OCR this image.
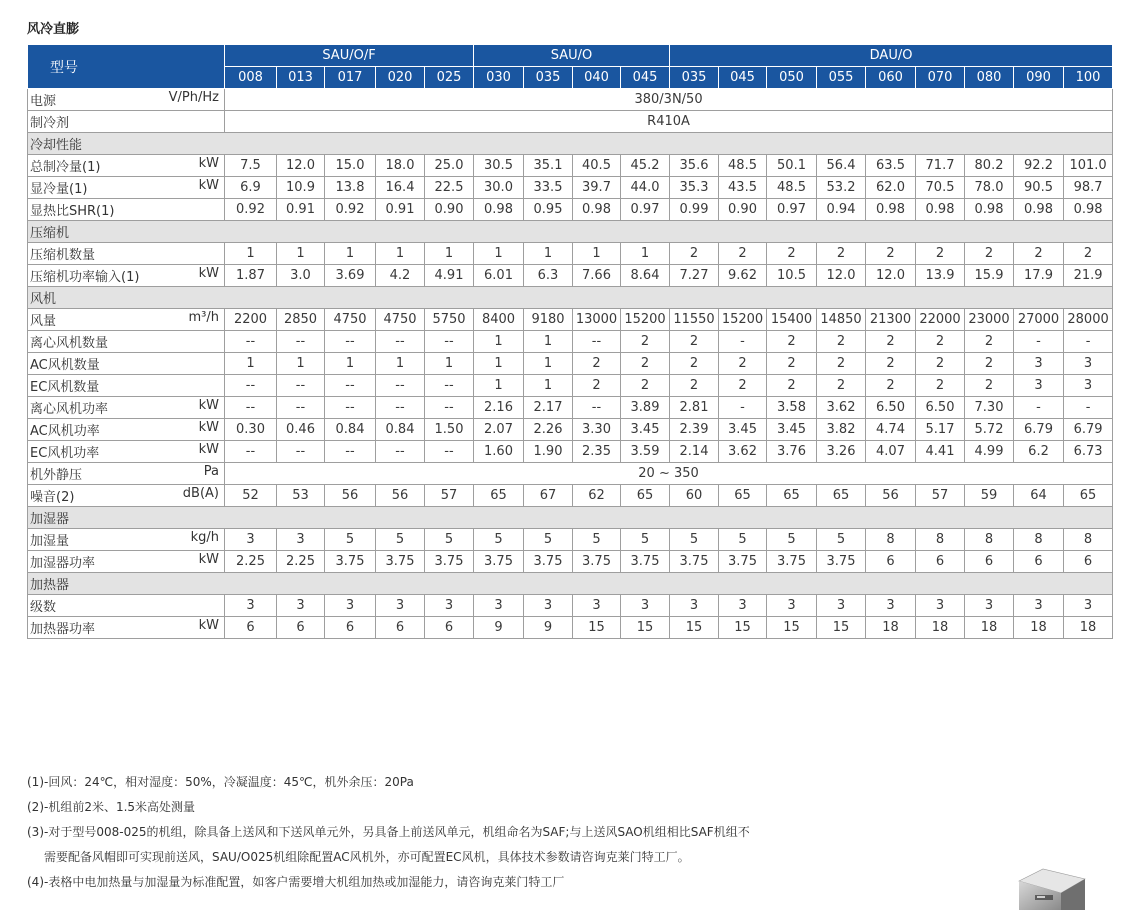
风冷直膨
型号	SAU/O/F					SAU/O				DAU/O								
	008	013	017	020	025	030	035	040	045	035	045	050	055	060	070	080	090	100
电源 V/Ph/Hz	380/3N/50																	
制冷剂	R410A																	
冷却性能																		
总制冷量(1) kW	7.5	12.0	15.0	18.0	25.0	30.5	35.1	40.5	45.2	35.6	48.5	50.1	56.4	63.5	71.7	80.2	92.2	101.0
显冷量(1) kW	6.9	10.9	13.8	16.4	22.5	30.0	33.5	39.7	44.0	35.3	43.5	48.5	53.2	62.0	70.5	78.0	90.5	98.7
显热比SHR(1)	0.92	0.91	0.92	0.91	0.90	0.98	0.95	0.98	0.97	0.99	0.90	0.97	0.94	0.98	0.98	0.98	0.98	0.98
压缩机																		
压缩机数量	1	1	1	1	1	1	1	1	1	2	2	2	2	2	2	2	2	2
压缩机功率输入(1) kW	1.87	3.0	3.69	4.2	4.91	6.01	6.3	7.66	8.64	7.27	9.62	10.5	12.0	12.0	13.9	15.9	17.9	21.9
风机																		
风量 m³/h	2200	2850	4750	4750	5750	8400	9180	13000	15200	11550	15200	15400	14850	21300	22000	23000	27000	28000
离心风机数量	--	--	--	--	--	1	1	--	2	2	-	2	2	2	2	2	-	-
AC风机数量	1	1	1	1	1	1	1	2	2	2	2	2	2	2	2	2	3	3
EC风机数量	--	--	--	--	--	1	1	2	2	2	2	2	2	2	2	2	3	3
离心风机功率 kW	--	--	--	--	--	2.16	2.17	--	3.89	2.81	-	3.58	3.62	6.50	6.50	7.30	-	-
AC风机功率 kW	0.30	0.46	0.84	0.84	1.50	2.07	2.26	3.30	3.45	2.39	3.45	3.45	3.82	4.74	5.17	5.72	6.79	6.79
EC风机功率 kW	--	--	--	--	--	1.60	1.90	2.35	3.59	2.14	3.62	3.76	3.26	4.07	4.41	4.99	6.2	6.73
机外静压 Pa	20 ~ 350																	
噪音(2) dB(A)	52	53	56	56	57	65	67	62	65	60	65	65	65	56	57	59	64	65
加湿器																		
加湿量 kg/h	3	3	5	5	5	5	5	5	5	5	5	5	5	8	8	8	8	8
加湿器功率 kW	2.25	2.25	3.75	3.75	3.75	3.75	3.75	3.75	3.75	3.75	3.75	3.75	3.75	6	6	6	6	6
加热器																		
级数	3	3	3	3	3	3	3	3	3	3	3	3	3	3	3	3	3	3
加热器功率 kW	6	6	6	6	6	9	9	15	15	15	15	15	15	18	18	18	18	18
(1)-回风：24℃，相对湿度：50%，冷凝温度：45℃，机外余压：20Pa
(2)-机组前2米、1.5米高处测量
(3)-对于型号008-025的机组，除具备上送风和下送风单元外，另具备上前送风单元，机组命名为SAF;与上送风SAO机组相比SAF机组不
需要配备风帽即可实现前送风，SAU/O025机组除配置AC风机外，亦可配置EC风机，具体技术参数请咨询克莱门特工厂。
(4)-表格中电加热量与加湿量为标准配置，如客户需要增大机组加热或加湿能力，请咨询克莱门特工厂
